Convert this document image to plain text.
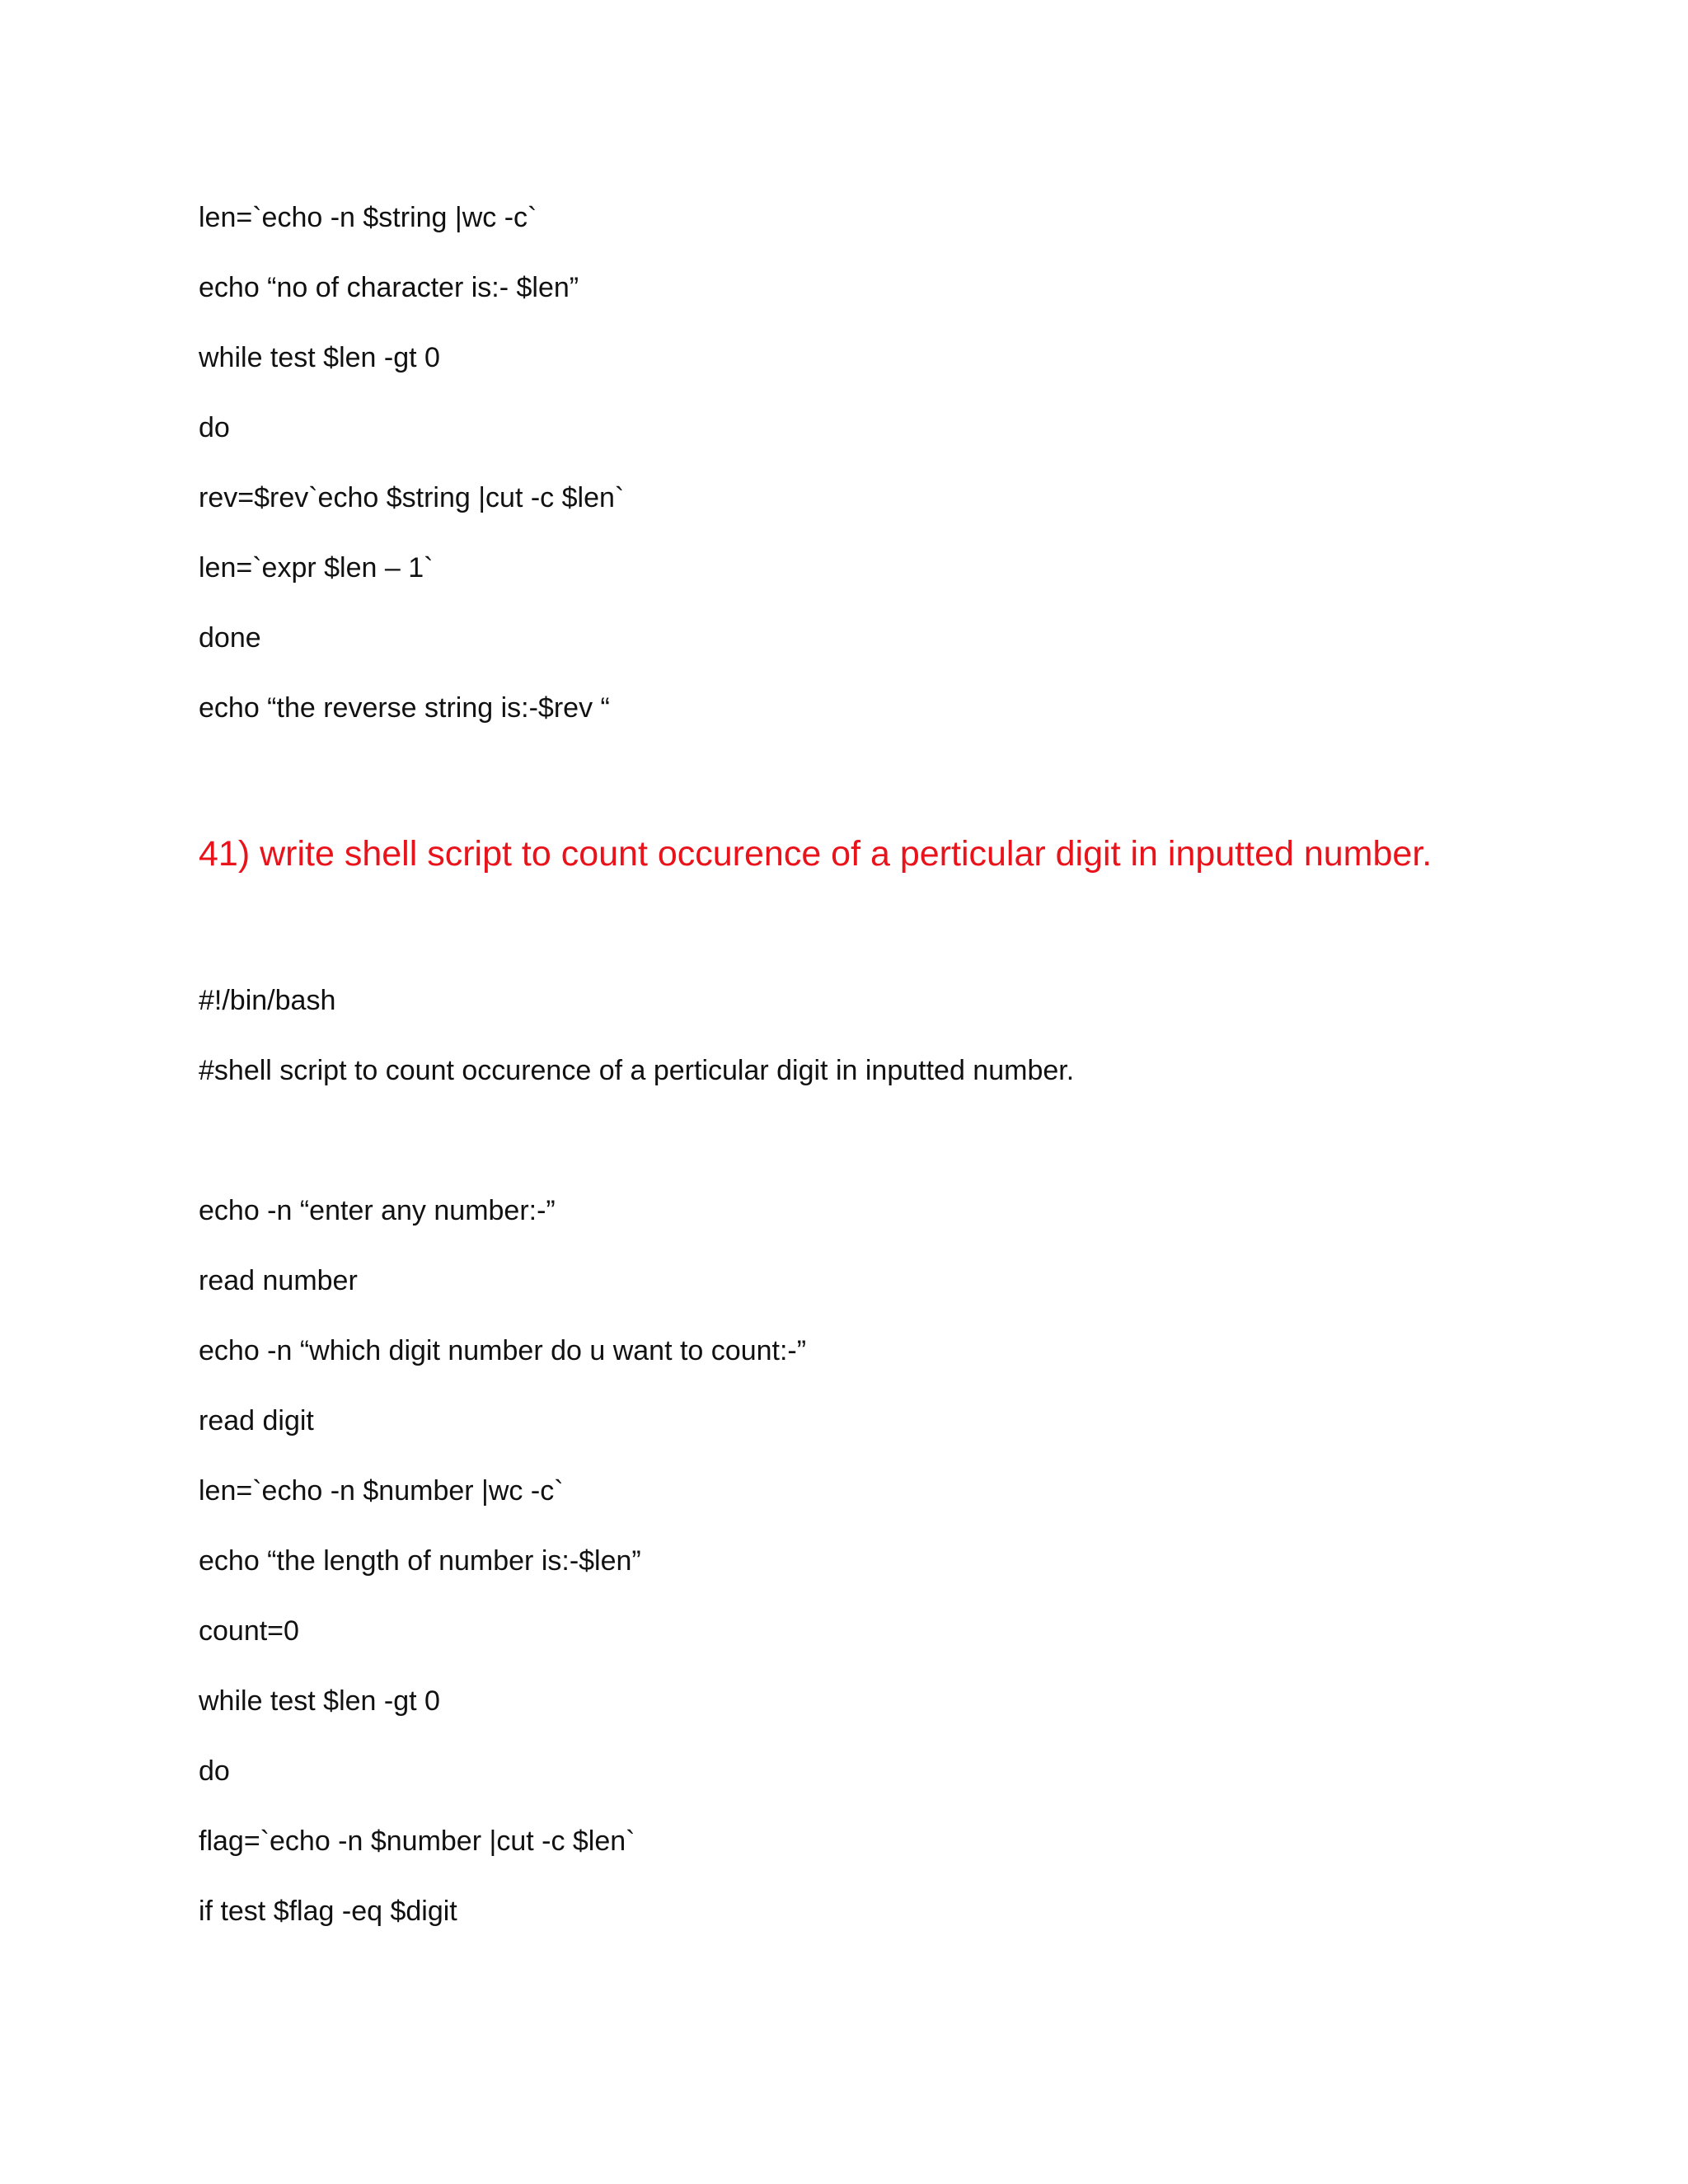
len=`echo -n $string |wc -c`
echo “no of character is:- $len”
while test $len -gt 0
do
rev=$rev`echo $string |cut -c $len`
len=`expr $len – 1`
done
echo “the reverse string is:-$rev “
41) write shell script to count occurence of a perticular digit in inputted number.
#!/bin/bash
#shell script to count occurence of a perticular digit in inputted number.
echo -n “enter any number:-”
read number
echo -n “which digit number do u want to count:-”
read digit
len=`echo -n $number |wc -c`
echo “the length of number is:-$len”
count=0
while test $len -gt 0
do
flag=`echo -n $number |cut -c $len`
if test $flag -eq $digit
